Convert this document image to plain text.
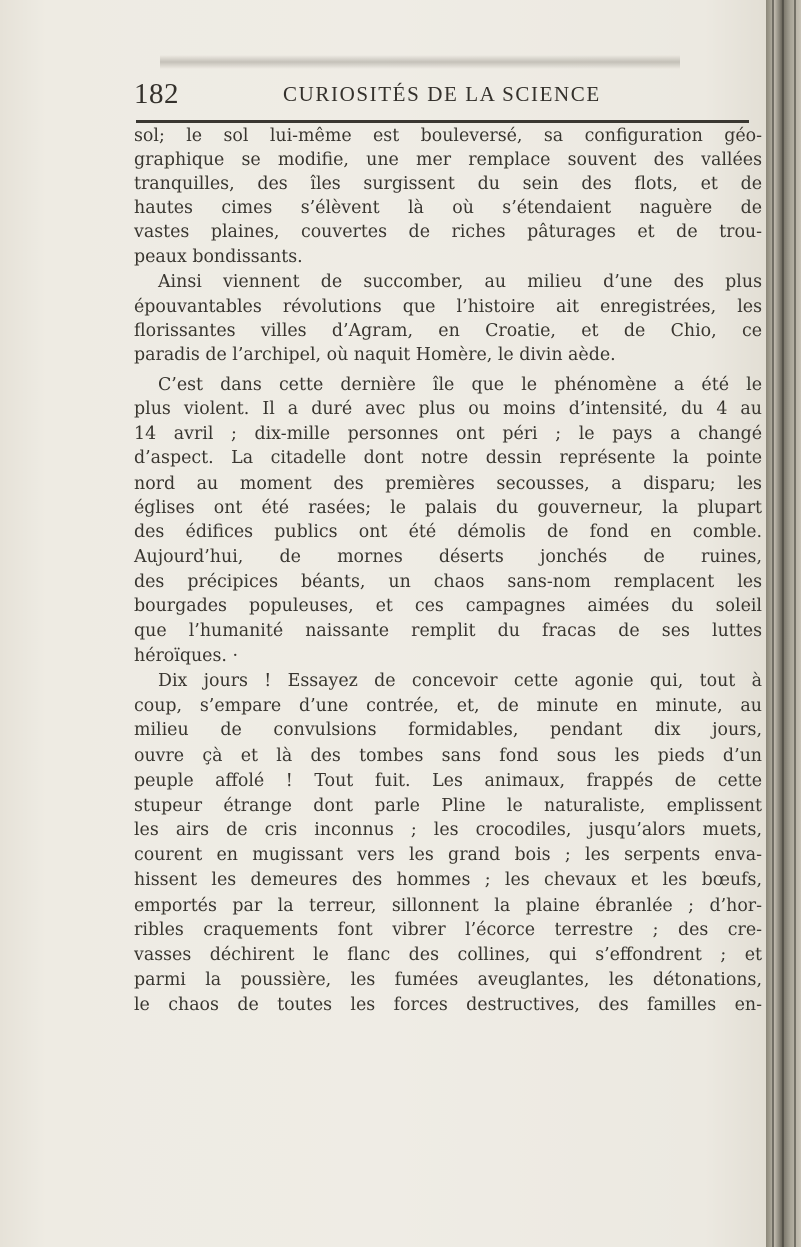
182	CURIOSITÉS DE LA SCIENCE
sol; le sol lui-même est bouleversé, sa configuration géo-
graphique se modifie, une mer remplace souvent des vallées
tranquilles, des îles surgissent du sein des flots, et de
hautes cimes s’élèvent là où s’étendaient naguère de
vastes plaines, couvertes de riches pâturages et de trou-
peaux bondissants.
Ainsi viennent de succomber, au milieu d’une des plus
épouvantables révolutions que l’histoire ait enregistrées, les
florissantes villes d’Agram, en Croatie, et de Chio, ce
paradis de l’archipel, où naquit Homère, le divin aède.
C’est dans cette dernière île que le phénomène a été le
plus violent. Il a duré avec plus ou moins d’intensité, du 4 au
14 avril ; dix-mille personnes ont péri ; le pays a changé
d’aspect. La citadelle dont notre dessin représente la pointe
nord au moment des premières secousses, a disparu; les
églises ont été rasées; le palais du gouverneur, la plupart
des édifices publics ont été démolis de fond en comble.
Aujourd’hui, de mornes déserts jonchés de ruines,
des précipices béants, un chaos sans-nom remplacent les
bourgades populeuses, et ces campagnes aimées du soleil
que l’humanité naissante remplit du fracas de ses luttes
héroïques. ·
Dix jours ! Essayez de concevoir cette agonie qui, tout à
coup, s’empare d’une contrée, et, de minute en minute, au
milieu de convulsions formidables, pendant dix jours,
ouvre çà et là des tombes sans fond sous les pieds d’un
peuple affolé ! Tout fuit. Les animaux, frappés de cette
stupeur étrange dont parle Pline le naturaliste, emplissent
les airs de cris inconnus ; les crocodiles, jusqu’alors muets,
courent en mugissant vers les grand bois ; les serpents enva-
hissent les demeures des hommes ; les chevaux et les bœufs,
emportés par la terreur, sillonnent la plaine ébranlée ; d’hor-
ribles craquements font vibrer l’écorce terrestre ; des cre-
vasses déchirent le flanc des collines, qui s’effondrent ; et
parmi la poussière, les fumées aveuglantes, les détonations,
le chaos de toutes les forces destructives, des familles en-
